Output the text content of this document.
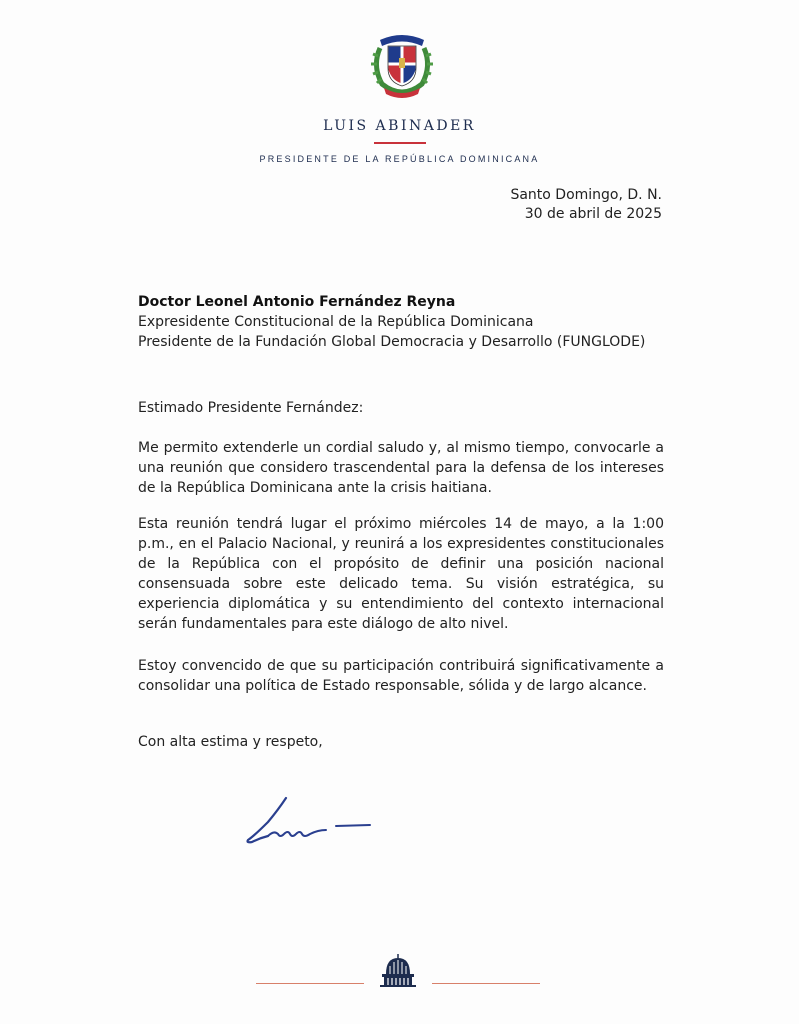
LUIS ABINADER
PRESIDENTE DE LA REPÚBLICA DOMINICANA
Santo Domingo, D. N.
30 de abril de 2025
Doctor Leonel Antonio Fernández Reyna
Expresidente Constitucional de la República Dominicana
Presidente de la Fundación Global Democracia y Desarrollo (FUNGLODE)
Estimado Presidente Fernández:
Me permito extenderle un cordial saludo y, al mismo tiempo, convocarle a una reunión que considero trascendental para la defensa de los intereses de la República Dominicana ante la crisis haitiana.
Esta reunión tendrá lugar el próximo miércoles 14 de mayo, a la 1:00 p.m., en el Palacio Nacional, y reunirá a los expresidentes constitucionales de la República con el propósito de definir una posición nacional consensuada sobre este delicado tema. Su visión estratégica, su experiencia diplomática y su entendimiento del contexto internacional serán fundamentales para este diálogo de alto nivel.
Estoy convencido de que su participación contribuirá significativamente a consolidar una política de Estado responsable, sólida y de largo alcance.
Con alta estima y respeto,
